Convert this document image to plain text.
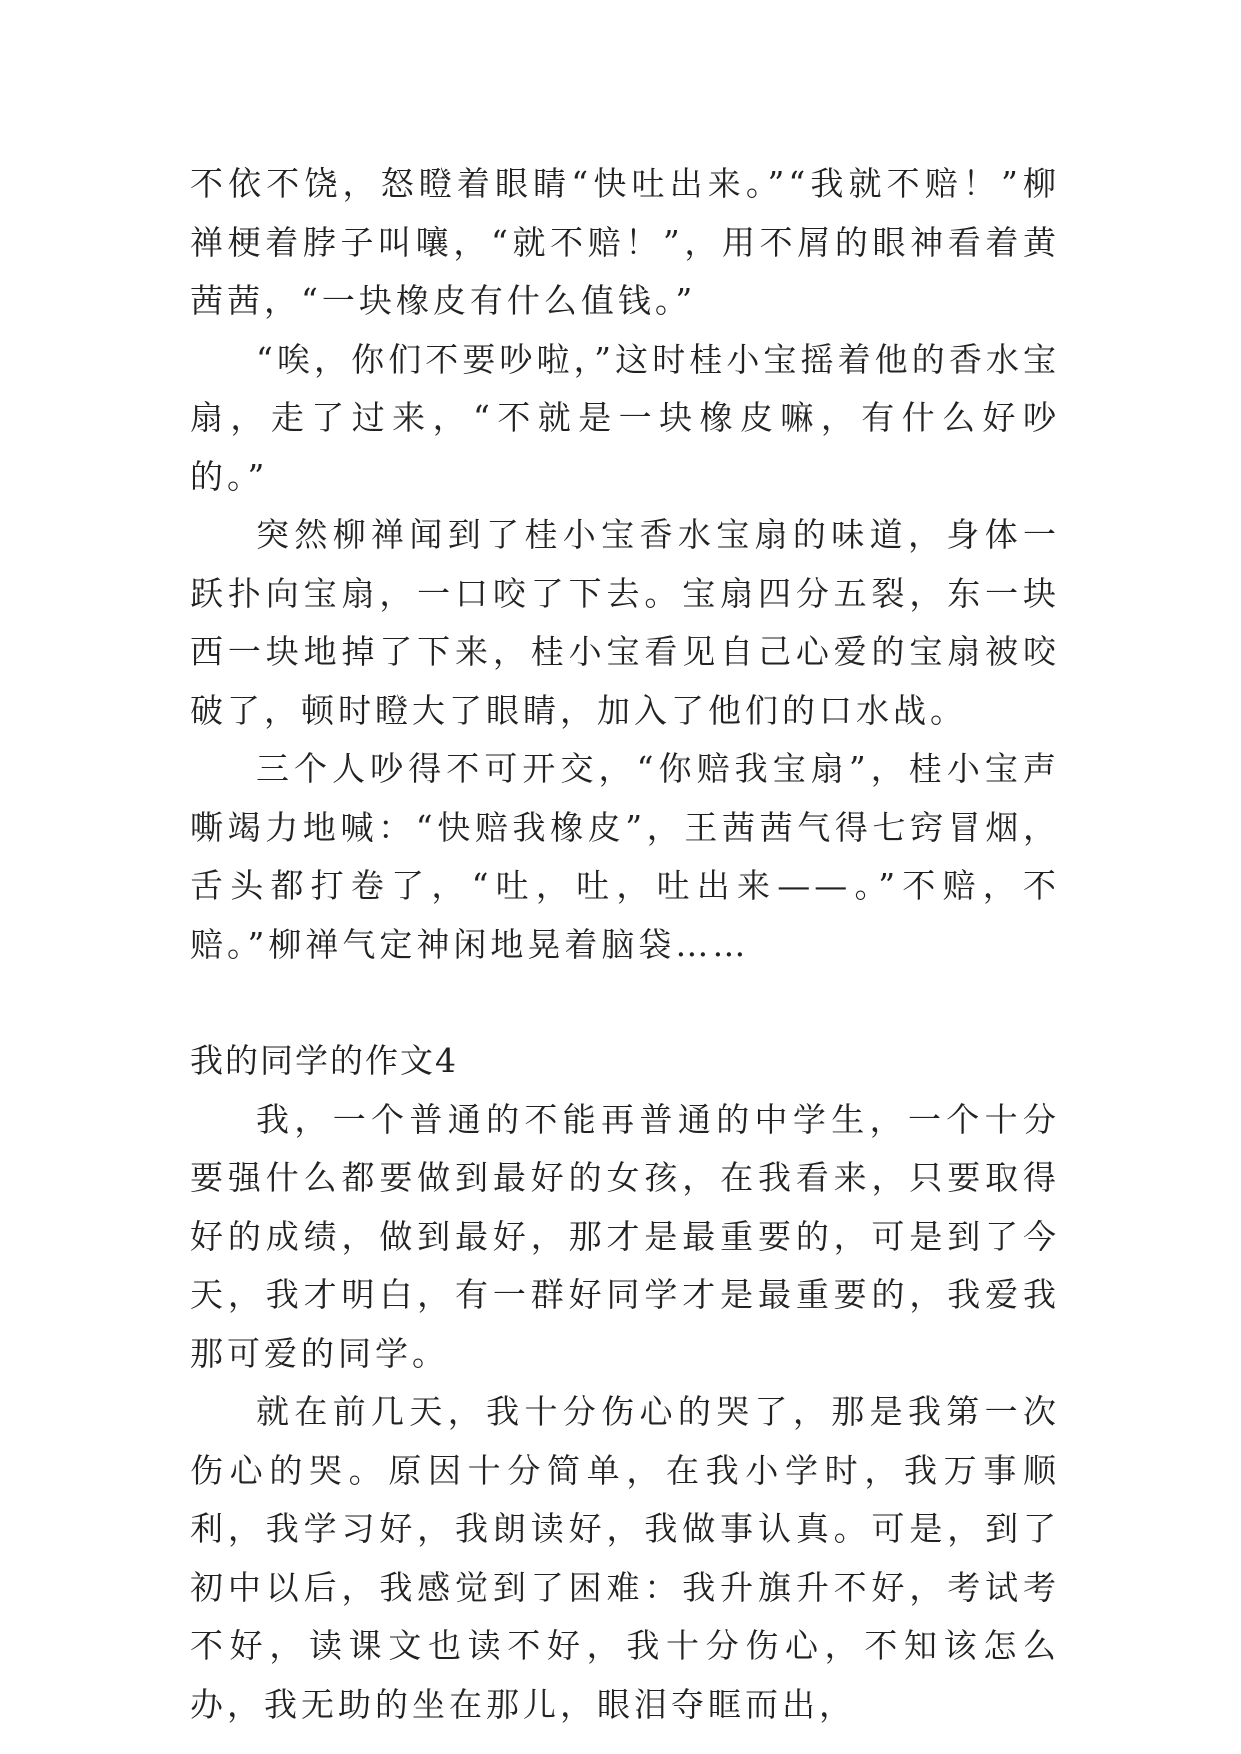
不依不饶，怒瞪着眼睛“快吐出来。”“我就不赔！”柳禅梗着脖子叫嚷，“就不赔！”，用不屑的眼神看着黄茜茜，“一块橡皮有什么值钱。”

“唉，你们不要吵啦，”这时桂小宝摇着他的香水宝扇，走了过来，“不就是一块橡皮嘛，有什么好吵的。”

突然柳禅闻到了桂小宝香水宝扇的味道，身体一跃扑向宝扇，一口咬了下去。宝扇四分五裂，东一块西一块地掉了下来，桂小宝看见自己心爱的宝扇被咬破了，顿时瞪大了眼睛，加入了他们的口水战。

三个人吵得不可开交，“你赔我宝扇”，桂小宝声嘶竭力地喊：“快赔我橡皮”，王茜茜气得七窍冒烟，舌头都打卷了，“吐，吐，吐出来——。”不赔，不赔。”柳禅气定神闲地晃着脑袋……

我的同学的作文4

我，一个普通的不能再普通的中学生，一个十分要强什么都要做到最好的女孩，在我看来，只要取得好的成绩，做到最好，那才是最重要的，可是到了今天，我才明白，有一群好同学才是最重要的，我爱我那可爱的同学。

就在前几天，我十分伤心的哭了，那是我第一次伤心的哭。原因十分简单，在我小学时，我万事顺利，我学习好，我朗读好，我做事认真。可是，到了初中以后，我感觉到了困难：我升旗升不好，考试考不好，读课文也读不好，我十分伤心，不知该怎么办，我无助的坐在那儿，眼泪夺眶而出，
